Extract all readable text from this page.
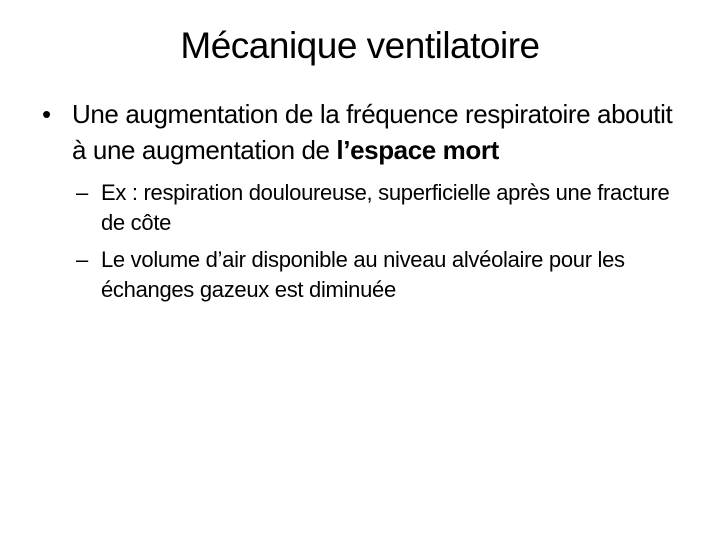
Mécanique ventilatoire

• Une augmentation de la fréquence respiratoire aboutit à une augmentation de l’espace mort

– Ex : respiration douloureuse, superficielle après une fracture de côte

– Le volume d’air disponible au niveau alvéolaire pour les échanges gazeux est diminuée
